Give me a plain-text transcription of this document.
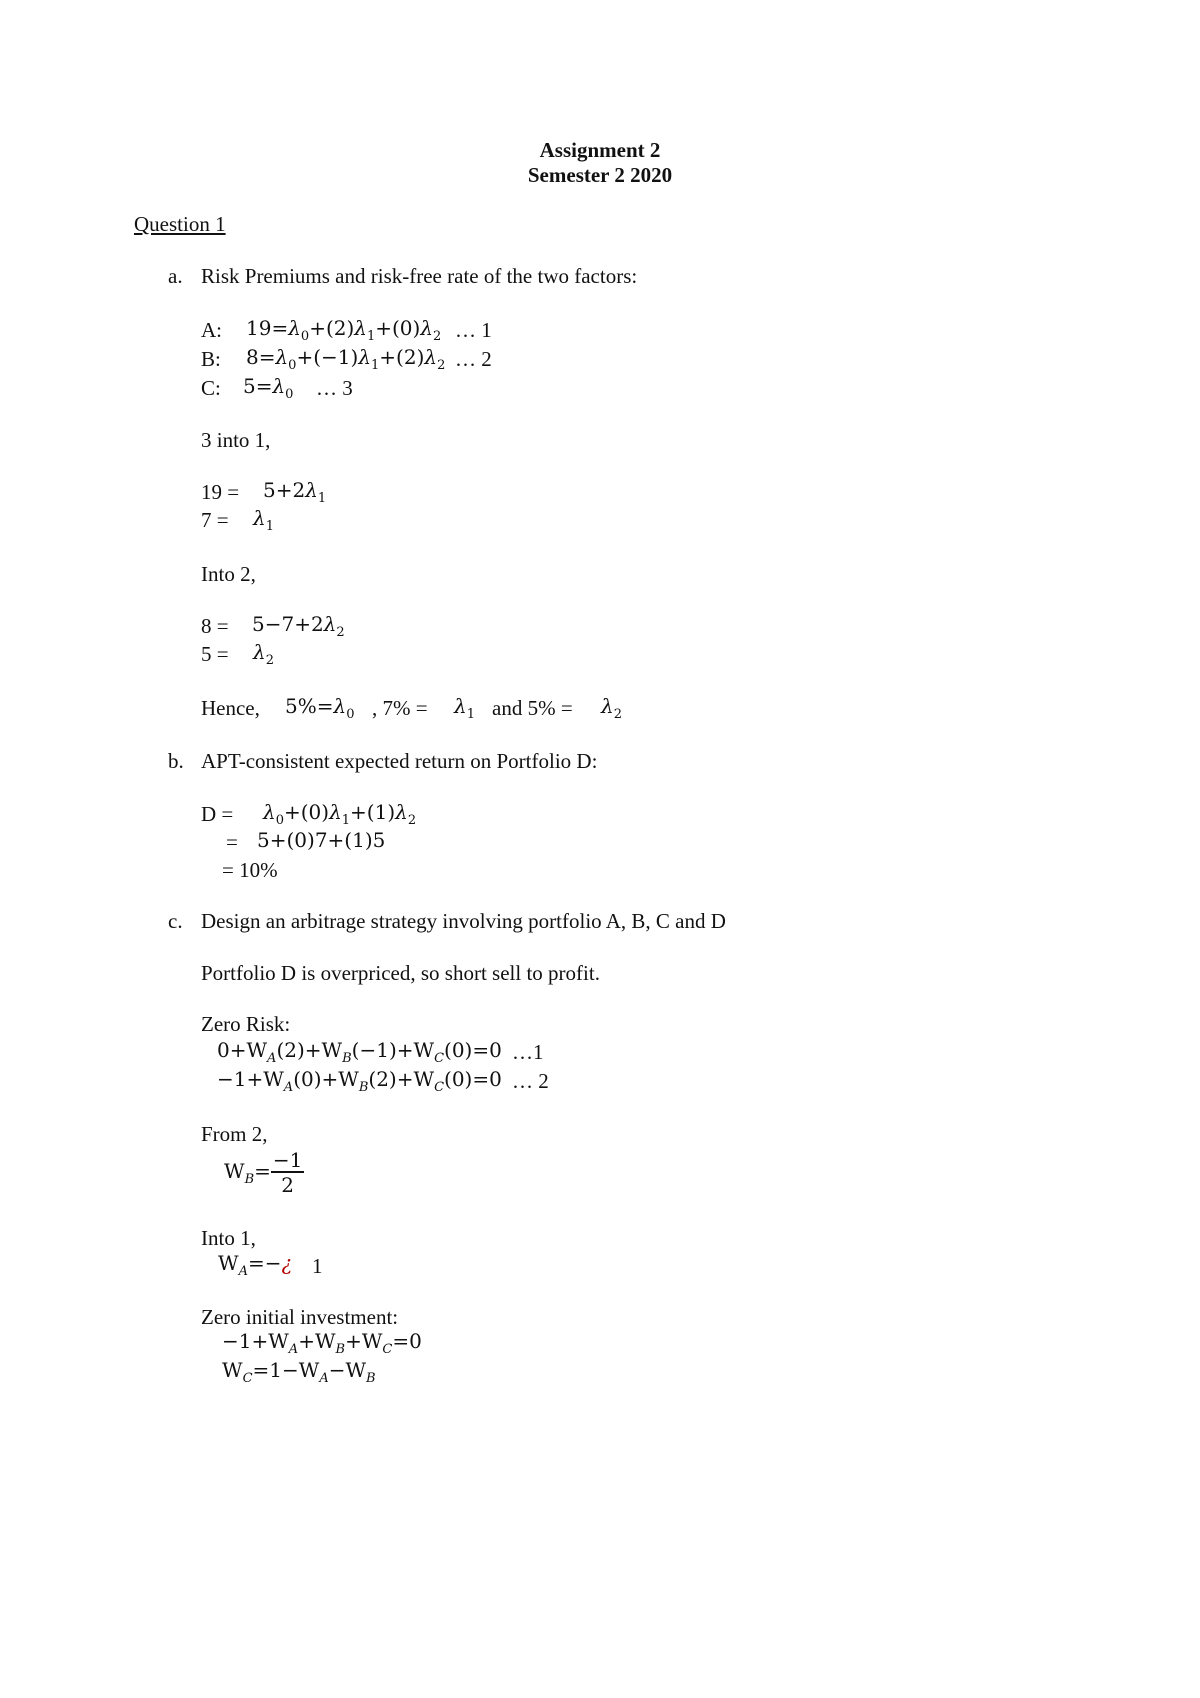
Assignment 2
Semester 2 2020
Question 1
a. Risk Premiums and risk-free rate of the two factors:
A: $19=\lambda_0+(2)\lambda_1+(0)\lambda_2$ … 1
B: $8=\lambda_0+(-1)\lambda_1+(2)\lambda_2$ … 2
C: $5=\lambda_0$ … 3
3 into 1,
$19 = 5+2\lambda_1$
$7 = \lambda_1$
Into 2,
$8 = 5-7+2\lambda_2$
$5 = \lambda_2$
Hence, $5\%=\lambda_0$ , $7\% = \lambda_1$ and $5\% = \lambda_2$
b. APT-consistent expected return on Portfolio D:
$D = \lambda_0+(0)\lambda_1+(1)\lambda_2$
= 5+(0)7+(1)5
= 10%
c. Design an arbitrage strategy involving portfolio A, B, C and D
Portfolio D is overpriced, so short sell to profit.
Zero Risk:
$0+W_A(2)+W_B(-1)+W_C(0)=0$ …1
$-1+W_A(0)+W_B(2)+W_C(0)=0$ … 2
From 2,
$W_B= \frac{-1}{2}$
Into 1,
$W_A=-¿$ 1
Zero initial investment:
$-1+W_A+W_B+W_C=0$
$W_C=1-W_A-W_B$
